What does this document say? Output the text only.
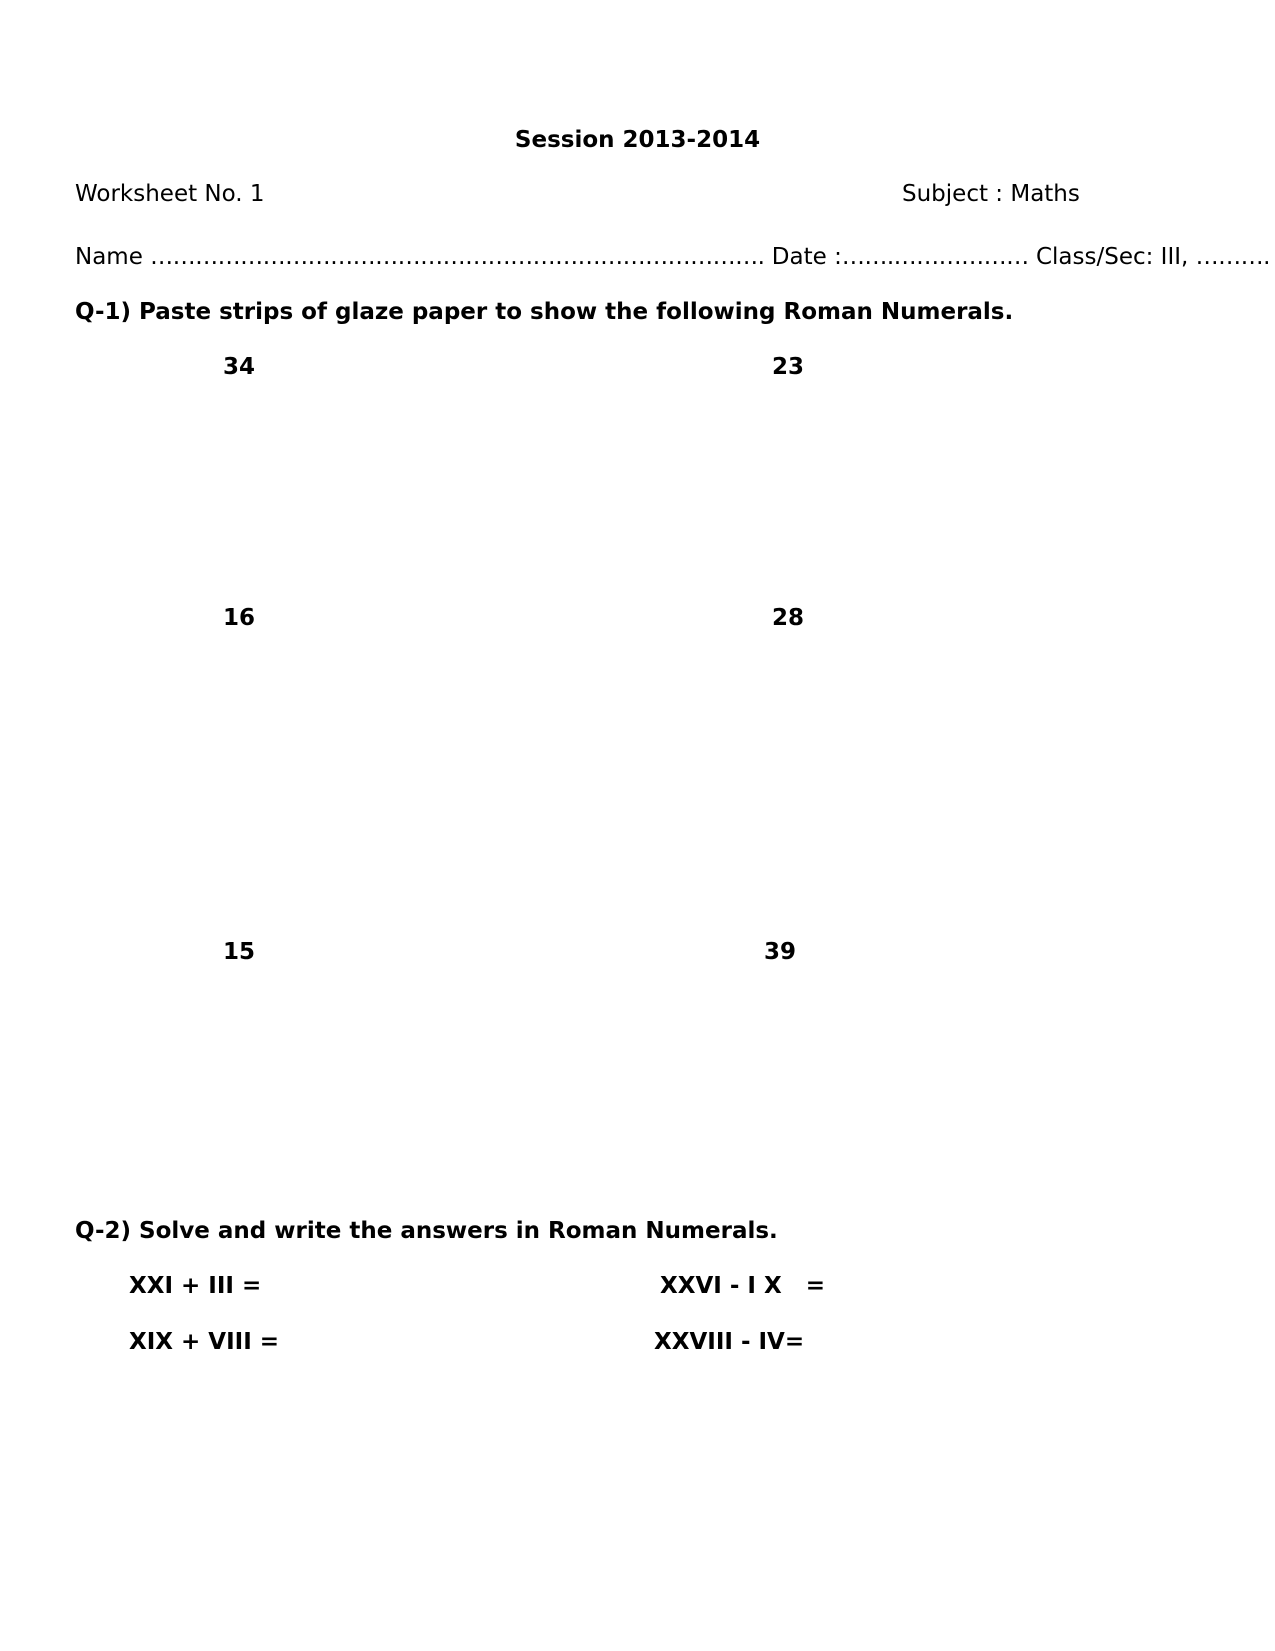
Session 2013-2014
Worksheet No. 1	Subject : Maths
Name ………………………………………………………………………. Date :…….……………… Class/Sec: III, ……….
Q-1) Paste strips of glaze paper to show the following Roman Numerals.
34	23
16	28
15	39
Q-2) Solve and write the answers in Roman Numerals.
XXI + III =	XXVI - I X   =
XIX + VIII =	XXVIII - IV=
